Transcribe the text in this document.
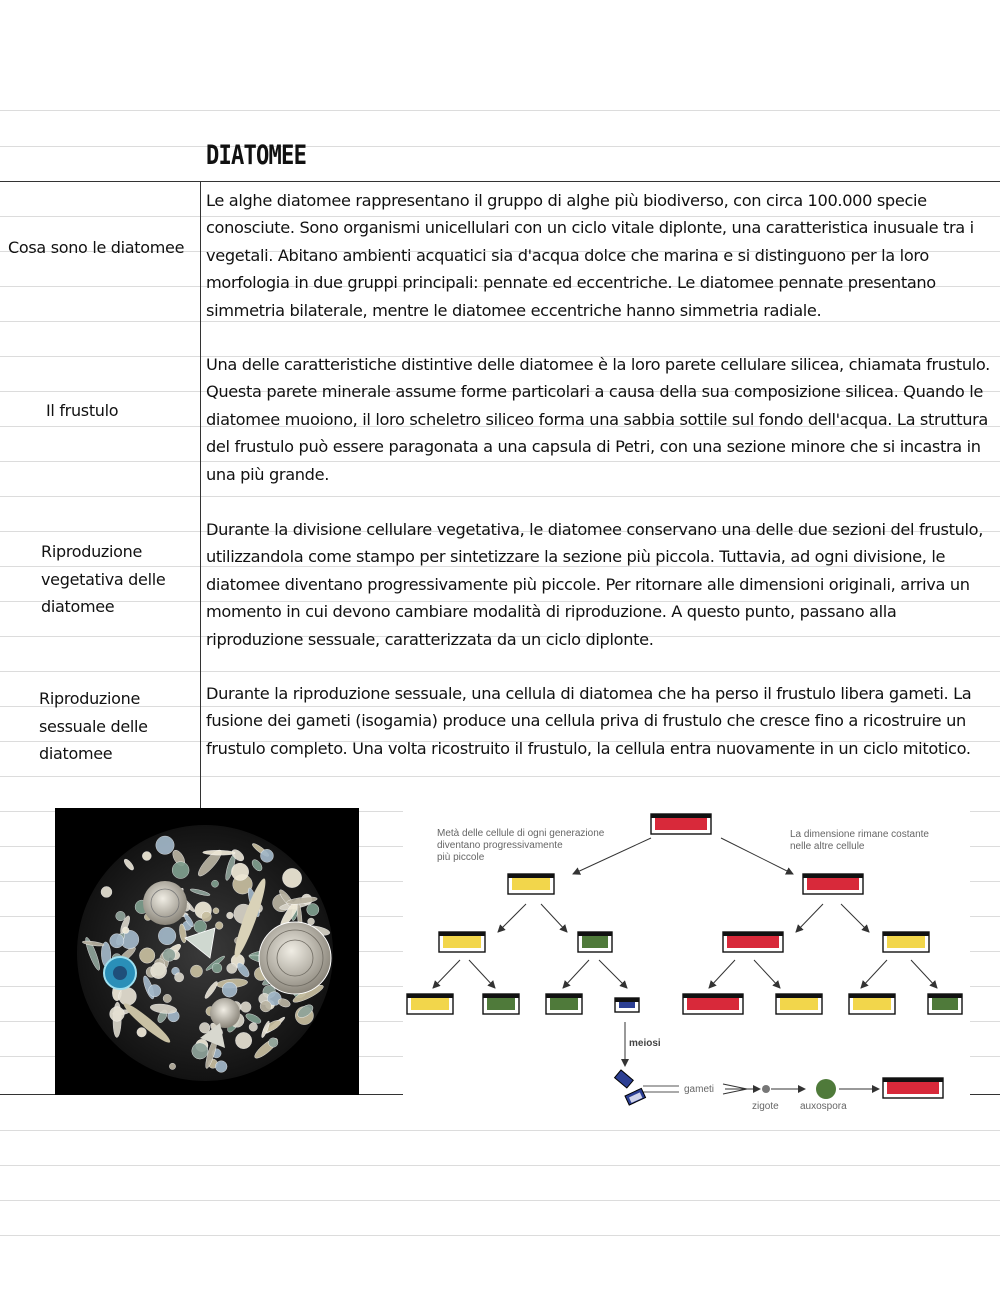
DIATOMEE
Cosa sono le diatomee
Il frustulo
Riproduzione vegetativa delle diatomee
Riproduzione sessuale delle diatomee
Le alghe diatomee rappresentano il gruppo di alghe più biodiverso, con circa 100.000 specie conosciute. Sono organismi unicellulari con un ciclo vitale diplonte, una caratteristica inusuale tra i vegetali. Abitano ambienti acquatici sia d'acqua dolce che marina e si distinguono per la loro morfologia in due gruppi principali: pennate ed eccentriche. Le diatomee pennate presentano simmetria bilaterale, mentre le diatomee eccentriche hanno simmetria radiale.
Una delle caratteristiche distintive delle diatomee è la loro parete cellulare silicea, chiamata frustulo. Questa parete minerale assume forme particolari a causa della sua composizione silicea. Quando le diatomee muoiono, il loro scheletro siliceo forma una sabbia sottile sul fondo dell'acqua. La struttura del frustulo può essere paragonata a una capsula di Petri, con una sezione minore che si incastra in una più grande.
Durante la divisione cellulare vegetativa, le diatomee conservano una delle due sezioni del frustulo, utilizzandola come stampo per sintetizzare la sezione più piccola. Tuttavia, ad ogni divisione, le diatomee diventano progressivamente più piccole. Per ritornare alle dimensioni originali, arriva un momento in cui devono cambiare modalità di riproduzione. A questo punto, passano alla riproduzione sessuale, caratterizzata da un ciclo diplonte.
Durante la riproduzione sessuale, una cellula di diatomea che ha perso il frustulo libera gameti. La fusione dei gameti (isogamia) produce una cellula priva di frustulo che cresce fino a ricostruire un frustulo completo. Una volta ricostruito il frustulo, la cellula entra nuovamente in un ciclo mitotico.
Metà delle cellule di ogni generazione
diventano progressivamente
più piccole
La dimensione rimane costante
nelle altre cellule
meiosi
gameti
zigote auxospora
